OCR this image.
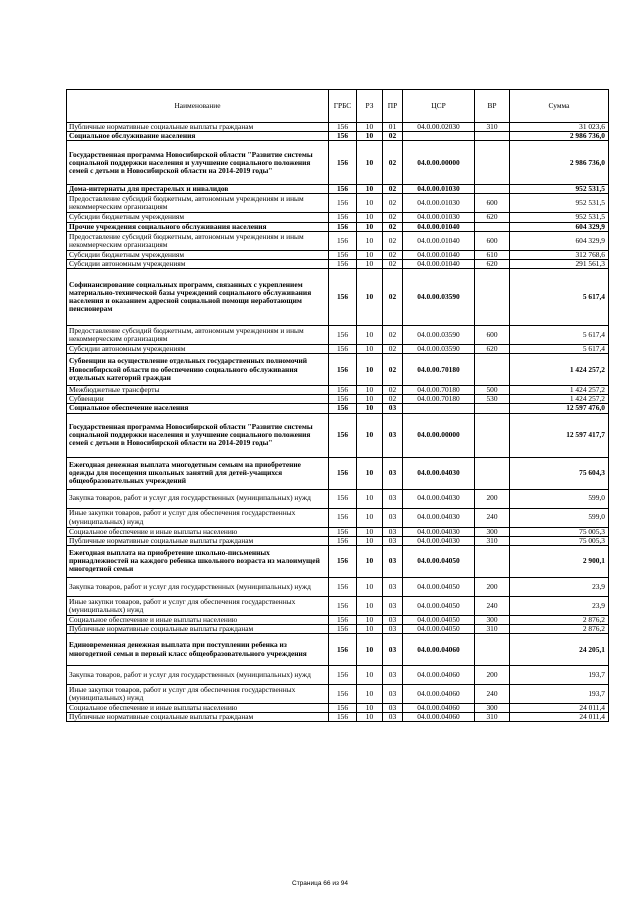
Наименование	ГРБС	РЗ	ПР	ЦСР	ВР	Сумма
Публичные нормативные социальные выплаты гражданам	156	10	01	04.0.00.02030	310	31 023,6
Социальное обслуживание населения	156	10	02			2 986 736,0
Государственная программа Новосибирской области "Развитие системы социальной поддержки населения и улучшение социального положения семей с детьми в Новосибирской области на 2014-2019 годы"	156	10	02	04.0.00.00000		2 986 736,0
Дома-интернаты для престарелых и инвалидов	156	10	02	04.0.00.01030		952 531,5
Предоставление субсидий бюджетным, автономным учреждениям и иным некоммерческим организациям	156	10	02	04.0.00.01030	600	952 531,5
Субсидии бюджетным учреждениям	156	10	02	04.0.00.01030	620	952 531,5
Прочие учреждения социального обслуживания населения	156	10	02	04.0.00.01040		604 329,9
Предоставление субсидий бюджетным, автономным учреждениям и иным некоммерческим организациям	156	10	02	04.0.00.01040	600	604 329,9
Субсидии бюджетным учреждениям	156	10	02	04.0.00.01040	610	312 768,6
Субсидии автономным учреждениям	156	10	02	04.0.00.01040	620	291 561,3
Софинансирование социальных программ, связанных с укреплением материально-технической базы учреждений социального обслуживания населения и оказанием адресной социальной помощи неработающим пенсионерам	156	10	02	04.0.00.03590		5 617,4
Предоставление субсидий бюджетным, автономным учреждениям и иным некоммерческим организациям	156	10	02	04.0.00.03590	600	5 617,4
Субсидии автономным учреждениям	156	10	02	04.0.00.03590	620	5 617,4
Субвенции на осуществление отдельных государственных полномочий Новосибирской области по обеспечению социального обслуживания отдельных категорий граждан	156	10	02	04.0.00.70180		1 424 257,2
Межбюджетные трансферты	156	10	02	04.0.00.70180	500	1 424 257,2
Субвенции	156	10	02	04.0.00.70180	530	1 424 257,2
Социальное обеспечение населения	156	10	03			12 597 476,0
Государственная программа Новосибирской области "Развитие системы социальной поддержки населения и улучшение социального положения семей с детьми в Новосибирской области на 2014-2019 годы"	156	10	03	04.0.00.00000		12 597 417,7
Ежегодная денежная выплата многодетным семьям на приобретение одежды для посещения школьных занятий для детей-учащихся общеобразовательных учреждений	156	10	03	04.0.00.04030		75 604,3
Закупка товаров, работ и услуг для государственных (муниципальных) нужд	156	10	03	04.0.00.04030	200	599,0
Иные закупки товаров, работ и услуг для обеспечения государственных (муниципальных) нужд	156	10	03	04.0.00.04030	240	599,0
Социальное обеспечение и иные выплаты населению	156	10	03	04.0.00.04030	300	75 005,3
Публичные нормативные социальные выплаты гражданам	156	10	03	04.0.00.04030	310	75 005,3
Ежегодная выплата на приобретение школьно-письменных принадлежностей на каждого ребенка школьного возраста из малоимущей многодетной семьи	156	10	03	04.0.00.04050		2 900,1
Закупка товаров, работ и услуг для государственных (муниципальных) нужд	156	10	03	04.0.00.04050	200	23,9
Иные закупки товаров, работ и услуг для обеспечения государственных (муниципальных) нужд	156	10	03	04.0.00.04050	240	23,9
Социальное обеспечение и иные выплаты населению	156	10	03	04.0.00.04050	300	2 876,2
Публичные нормативные социальные выплаты гражданам	156	10	03	04.0.00.04050	310	2 876,2
Единовременная денежная выплата при поступлении ребенка из многодетной семьи в первый класс общеобразовательного учреждения	156	10	03	04.0.00.04060		24 205,1
Закупка товаров, работ и услуг для государственных (муниципальных) нужд	156	10	03	04.0.00.04060	200	193,7
Иные закупки товаров, работ и услуг для обеспечения государственных (муниципальных) нужд	156	10	03	04.0.00.04060	240	193,7
Социальное обеспечение и иные выплаты населению	156	10	03	04.0.00.04060	300	24 011,4
Публичные нормативные социальные выплаты гражданам	156	10	03	04.0.00.04060	310	24 011,4
Страница 66 из 94
